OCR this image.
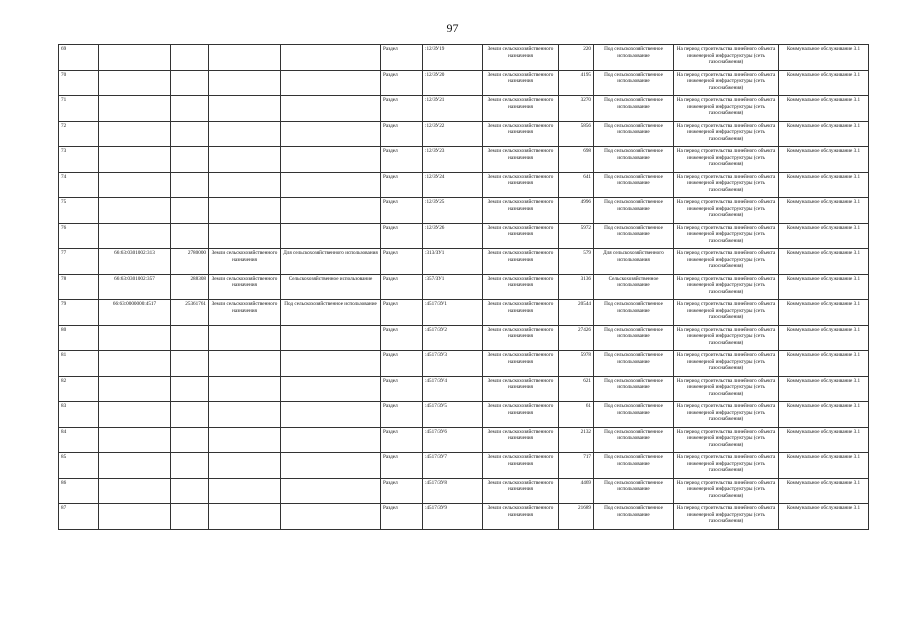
97
69					Раздел	:12/ЗУ19	Земли сельскохозяйственного назначения	220	Под сельскохозяйственное использование	На период строительства линейного объекта инженерной инфраструктуры (сеть газоснабжения)	Коммунальное обслуживание 3.1
70					Раздел	:12/ЗУ20	Земли сельскохозяйственного назначения	4195	Под сельскохозяйственное использование	На период строительства линейного объекта инженерной инфраструктуры (сеть газоснабжения)	Коммунальное обслуживание 3.1
71					Раздел	:12/ЗУ21	Земли сельскохозяйственного назначения	3270	Под сельскохозяйственное использование	На период строительства линейного объекта инженерной инфраструктуры (сеть газоснабжения)	Коммунальное обслуживание 3.1
72					Раздел	:12/ЗУ22	Земли сельскохозяйственного назначения	5856	Под сельскохозяйственное использование	На период строительства линейного объекта инженерной инфраструктуры (сеть газоснабжения)	Коммунальное обслуживание 3.1
73					Раздел	:12/ЗУ23	Земли сельскохозяйственного назначения	698	Под сельскохозяйственное использование	На период строительства линейного объекта инженерной инфраструктуры (сеть газоснабжения)	Коммунальное обслуживание 3.1
74					Раздел	:12/ЗУ24	Земли сельскохозяйственного назначения	641	Под сельскохозяйственное использование	На период строительства линейного объекта инженерной инфраструктуры (сеть газоснабжения)	Коммунальное обслуживание 3.1
75					Раздел	:12/ЗУ25	Земли сельскохозяйственного назначения	4996	Под сельскохозяйственное использование	На период строительства линейного объекта инженерной инфраструктуры (сеть газоснабжения)	Коммунальное обслуживание 3.1
76					Раздел	:12/ЗУ26	Земли сельскохозяйственного назначения	5972	Под сельскохозяйственное использование	На период строительства линейного объекта инженерной инфраструктуры (сеть газоснабжения)	Коммунальное обслуживание 3.1
77	66:63:0301002:313	2780000	Земли сельскохозяйственного назначения	Для сельскохозяйственного использования	Раздел	:313/ЗУ1	Земли сельскохозяйственного назначения	579	Для сельскохозяйственного использования	На период строительства линейного объекта инженерной инфраструктуры (сеть газоснабжения)	Коммунальное обслуживание 3.1
78	66:63:0301002:357	288308	Земли сельскохозяйственного назначения	Сельскохозяйственное использование	Раздел	:357/ЗУ1	Земли сельскохозяйственного назначения	3136	Сельскохозяйственное использование	На период строительства линейного объекта инженерной инфраструктуры (сеть газоснабжения)	Коммунальное обслуживание 3.1
79	66:63:0000000:4517	25361761	Земли сельскохозяйственного назначения	Под сельскохозяйственное использование	Раздел	:4517/ЗУ1	Земли сельскохозяйственного назначения	20544	Под сельскохозяйственное использование	На период строительства линейного объекта инженерной инфраструктуры (сеть газоснабжения)	Коммунальное обслуживание 3.1
80					Раздел	:4517/ЗУ2	Земли сельскохозяйственного назначения	27426	Под сельскохозяйственное использование	На период строительства линейного объекта инженерной инфраструктуры (сеть газоснабжения)	Коммунальное обслуживание 3.1
81					Раздел	:4517/ЗУ3	Земли сельскохозяйственного назначения	5978	Под сельскохозяйственное использование	На период строительства линейного объекта инженерной инфраструктуры (сеть газоснабжения)	Коммунальное обслуживание 3.1
82					Раздел	:4517/ЗУ4	Земли сельскохозяйственного назначения	621	Под сельскохозяйственное использование	На период строительства линейного объекта инженерной инфраструктуры (сеть газоснабжения)	Коммунальное обслуживание 3.1
83					Раздел	:4517/ЗУ5	Земли сельскохозяйственного назначения	61	Под сельскохозяйственное использование	На период строительства линейного объекта инженерной инфраструктуры (сеть газоснабжения)	Коммунальное обслуживание 3.1
84					Раздел	:4517/ЗУ6	Земли сельскохозяйственного назначения	2132	Под сельскохозяйственное использование	На период строительства линейного объекта инженерной инфраструктуры (сеть газоснабжения)	Коммунальное обслуживание 3.1
85					Раздел	:4517/ЗУ7	Земли сельскохозяйственного назначения	717	Под сельскохозяйственное использование	На период строительства линейного объекта инженерной инфраструктуры (сеть газоснабжения)	Коммунальное обслуживание 3.1
86					Раздел	:4517/ЗУ8	Земли сельскохозяйственного назначения	4469	Под сельскохозяйственное использование	На период строительства линейного объекта инженерной инфраструктуры (сеть газоснабжения)	Коммунальное обслуживание 3.1
87					Раздел	:4517/ЗУ9	Земли сельскохозяйственного назначения	21689	Под сельскохозяйственное использование	На период строительства линейного объекта инженерной инфраструктуры (сеть газоснабжения)	Коммунальное обслуживание 3.1
